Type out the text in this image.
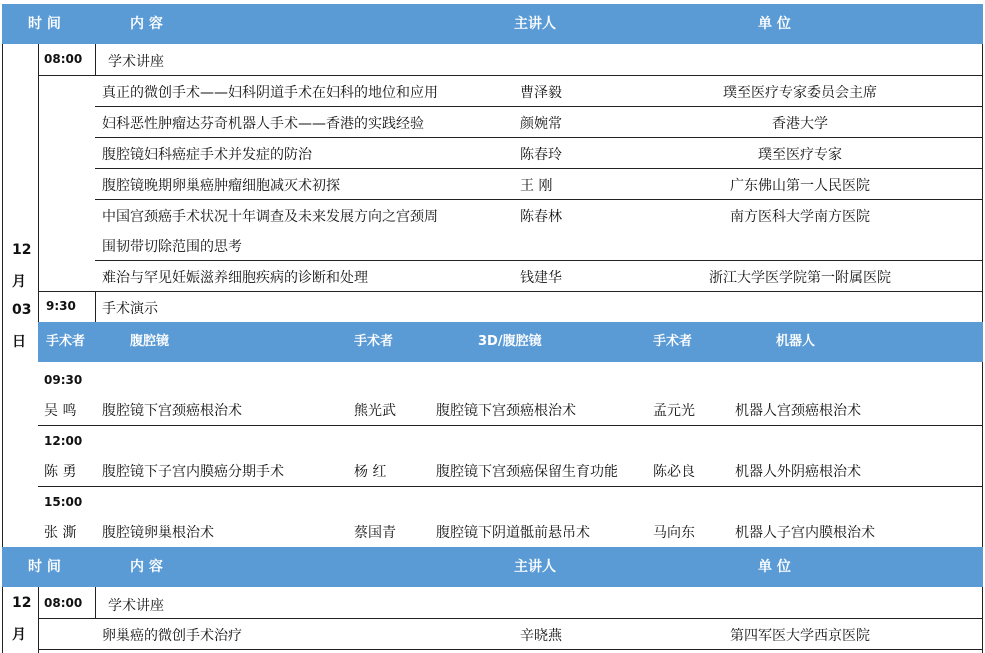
时 间	内 容	主讲人	单 位
12
月
03
日
08:00 学术讲座
真正的微创手术——妇科阴道手术在妇科的地位和应用	曹泽毅	璞至医疗专家委员会主席
妇科恶性肿瘤达芬奇机器人手术——香港的实践经验	颜婉常	香港大学
腹腔镜妇科癌症手术并发症的防治	陈春玲	璞至医疗专家
腹腔镜晚期卵巢癌肿瘤细胞减灭术初探	王 刚	广东佛山第一人民医院
中国宫颈癌手术状况十年调查及未来发展方向之宫颈周
围韧带切除范围的思考
陈春林	南方医科大学南方医院
难治与罕见妊娠滋养细胞疾病的诊断和处理	钱建华	浙江大学医学院第一附属医院
9:30 手术演示
手术者	腹腔镜	手术者	3D/腹腔镜	手术者	机器人
09:30
吴 鸣 腹腔镜下宫颈癌根治术	熊光武	腹腔镜下宫颈癌根治术	孟元光	机器人宫颈癌根治术
12:00
陈 勇 腹腔镜下子宫内膜癌分期手术	杨 红	腹腔镜下宫颈癌保留生育功能	陈必良	机器人外阴癌根治术
15:00
张 澌 腹腔镜卵巢根治术	蔡国青	腹腔镜下阴道骶前悬吊术	马向东	机器人子宫内膜根治术
时 间	内 容	主讲人	单 位
12
月
08:00 学术讲座
卵巢癌的微创手术治疗	辛晓燕	第四军医大学西京医院
